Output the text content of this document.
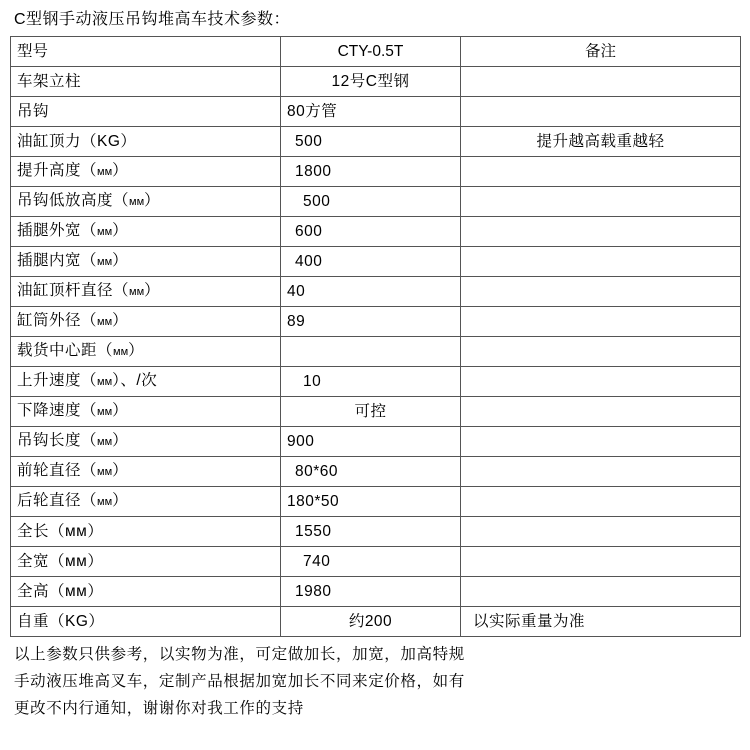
C型钢手动液压吊钩堆高车技术参数：
型号	CTY-0.5T	备注
车架立柱	12号C型钢	
吊钩	80方管	
油缸顶力（KG）	500	提升越高载重越轻
提升高度（мм）	1800	
吊钩低放高度（мм）	500	
插腿外宽（мм）	600	
插腿内宽（мм）	400	
油缸顶杆直径（мм）	40	
缸筒外径（мм）	89	
载货中心距（мм）		
上升速度（мм）、/次	10	
下降速度（мм）	可控	
吊钩长度（мм）	900	
前轮直径（мм）	80*60	
后轮直径（мм）	180*50	
全长（мм）	1550	
全宽（мм）	740	
全高（мм）	1980	
自重（KG）	约200	以实际重量为准
以上参数只供参考，以实物为准，可定做加长，加宽，加高特规
手动液压堆高叉车，定制产品根据加宽加长不同来定价格，如有
更改不内行通知，谢谢你对我工作的支持
